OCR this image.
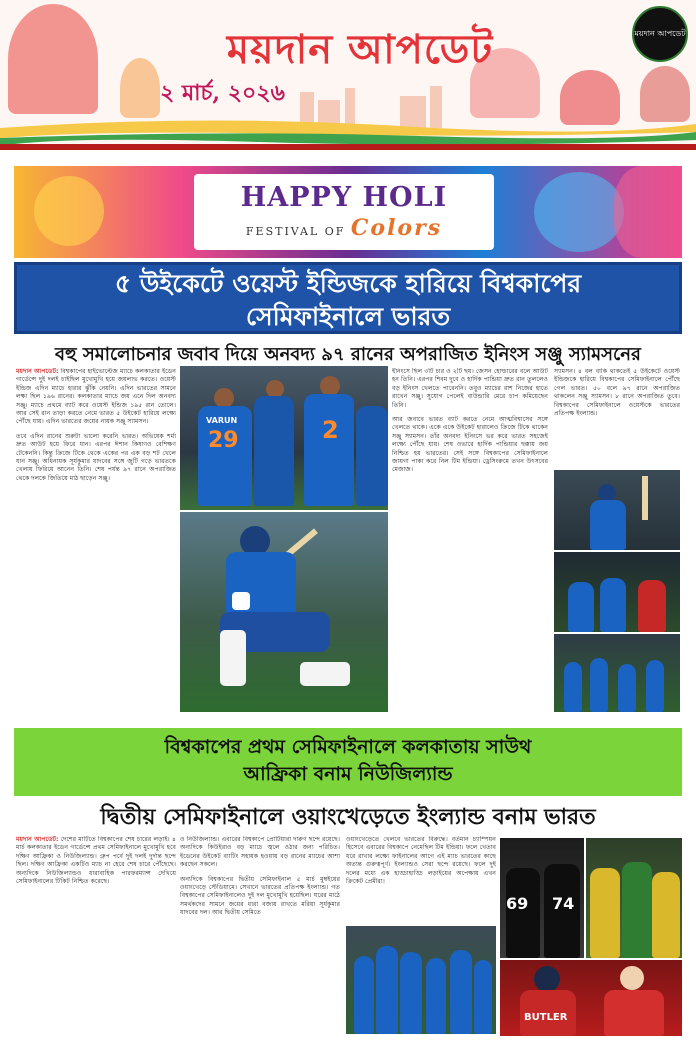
ময়দান আপডেট
২ মার্চ, ২০২৬
ময়দান আপডেট
HAPPY HOLI
FESTIVAL OF Colors
৫ উইকেটে ওয়েস্ট ইন্ডিজকে হারিয়ে বিশ্বকাপের
সেমিফাইনালে ভারত
বহু সমালোচনার জবাব দিয়ে অনবদ্য ৯৭ রানের অপরাজিত ইনিংস সঞ্জু স্যামসনের
ময়দান আপডেট: বিশ্বকাপের হাইভোল্টেজ ম্যাচে কলকাতার ইডেন গার্ডেন্সে দুই দলই চাইছিল মুখোমুখি হয়ে জয়লাভ করতে। ওয়েস্ট ইন্ডিজ এদিন ম্যাচে হারার ঝুঁকি নেয়নি। এদিন ভারতের সামনে লক্ষ্য ছিল ১৯৬ রানের। কলকাতার ম্যাচে জয় এনে দিল অনবদ্য সঞ্জু। ম্যাচে প্রথমে ব্যাট করে ওয়েস্ট ইন্ডিজ ১৯৫ রান তোলে। আর সেই রান তাড়া করতে নেমে ভারত ৫ উইকেট হারিয়ে লক্ষ্যে পৌঁছে যায়। এদিন ভারতের জয়ের নায়ক সঞ্জু স্যামসন।

তবে এদিন রানের শুরুটা ভালো করেনি ভারত। অভিষেক শর্মা দ্রুত আউট হয়ে ফিরে যান। এরপর ঈশান কিষাণও বেশিক্ষণ টেকেননি। কিন্তু ক্রিজে টিকে থেকে একের পর এক বড় শট খেলে যান সঞ্জু। অধিনায়ক সূর্যকুমার যাদবের সঙ্গে জুটি গড়ে ভারতকে খেলায় ফিরিয়ে আনেন তিনি। শেষ পর্যন্ত ৯৭ রানে অপরাজিত থেকে দলকে জিতিয়ে মাঠ ছাড়েন সঞ্জু।

VARUN
29	2

ইনিংসে ছিল ৩টি চার ও ২টি ছয়। জেসন হোল্ডারের বলে আউট হন তিনি। এরপর শিবম দুবে ও হার্দিক পান্ডিয়া দ্রুত রান তুললেও বড় ইনিংস খেলতে পারেননি। তবুও ম্যাচের রাশ নিজের হাতে রাখেন সঞ্জু। সুযোগ পেলেই বাউন্ডারি মেরে চাপ কমিয়েছেন তিনি।

আর জবাবে ভারত ব্যাট করতে নেমে আত্মবিশ্বাসের সঙ্গে খেলতে থাকে। একে একে উইকেট হারালেও ক্রিজে টিকে থাকেন সঞ্জু স্যামসন। তাঁর অনবদ্য ইনিংসে ভর করে ভারত সহজেই লক্ষ্যে পৌঁছে যায়। শেষ ওভারে হার্দিক পান্ডিয়ার ছক্কায় জয় নিশ্চিত হয় ভারতের। সেই সঙ্গে বিশ্বকাপের সেমিফাইনালে জায়গা পাকা করে নিল টিম ইন্ডিয়া। ড্রেসিংরুমে তখন উৎসবের মেজাজ।

স্যামসন। ৪ বল বাকি থাকতেই ৫ উইকেটে ওয়েস্ট ইন্ডিজকে হারিয়ে বিশ্বকাপের সেমিফাইনালে পৌঁছে গেল ভারত। ৫০ বলে ৯৭ রানে অপরাজিত থাকলেন সঞ্জু স্যামসন। ৮ রানে অপরাজিত তুবে। বিশ্বকাপের সেমিফাইনালে ওয়েস্টকে ভারতের প্রতিপক্ষ ইংল্যান্ড।

বিশ্বকাপের প্রথম সেমিফাইনালে কলকাতায় সাউথ
আফ্রিকা বনাম নিউজিল্যান্ড
দ্বিতীয় সেমিফাইনালে ওয়াংখেড়েতে ইংল্যান্ড বনাম ভারত
ময়দান আপডেট: দেশের মাটিতে বিশ্বকাপের শেষ চারের লড়াই। ৪ মার্চ কলকাতার ইডেন গার্ডেন্সে প্রথম সেমিফাইনালে মুখোমুখি হবে দক্ষিণ আফ্রিকা ও নিউজিল্যান্ড। গ্রুপ পর্বে দুই দলই দুর্দান্ত ছন্দে ছিল। দক্ষিণ আফ্রিকা একটিও ম্যাচ না হেরে শেষ চারে পৌঁছেছে। অন্যদিকে নিউজিল্যান্ডও ধারাবাহিক পারফরম্যান্স দেখিয়ে সেমিফাইনালের টিকিট নিশ্চিত করেছে।

ও নিউজিল্যান্ড। এবারের বিশ্বকাপে প্রোটিয়ারা দারুণ ছন্দে রয়েছে। অন্যদিকে কিউইরাও বড় ম্যাচে জ্বলে ওঠার জন্য পরিচিত। ইডেনের উইকেট ব্যাটিং সহায়ক হওয়ায় বড় রানের ম্যাচের আশা করছেন সকলে।

অন্যদিকে বিশ্বকাপের দ্বিতীয় সেমিফাইনাল ৫ মার্চ মুম্বইয়ের ওয়াংখেড়ে স্টেডিয়ামে। সেখানে ভারতের প্রতিপক্ষ ইংল্যান্ড। গত বিশ্বকাপের সেমিফাইনালেও দুই দল মুখোমুখি হয়েছিল। ঘরের মাঠে সমর্থকদের সামনে জয়ের ধারা বজায় রাখতে মরিয়া সূর্যকুমার যাদবের দল। আর দ্বিতীয় সেমিতে

ওয়াংখেড়েতে খেলবে ভারতের বিরুদ্ধে। বর্তমান চ্যাম্পিয়ন হিসেবে এবারের বিশ্বকাপে নেমেছিল টিম ইন্ডিয়া। ফলে খেতাব ধরে রাখার লক্ষ্যে ফাইনালের আগে এই ম্যাচ ভারতের কাছে অত্যন্ত গুরুত্বপূর্ণ। ইংল্যান্ডও সেরা ছন্দে রয়েছে। ফলে দুই দলের মধ্যে এক হাড্ডাহাড্ডি লড়াইয়ের অপেক্ষায় এখন ক্রিকেট প্রেমীরা।

69 74
BUTLER
